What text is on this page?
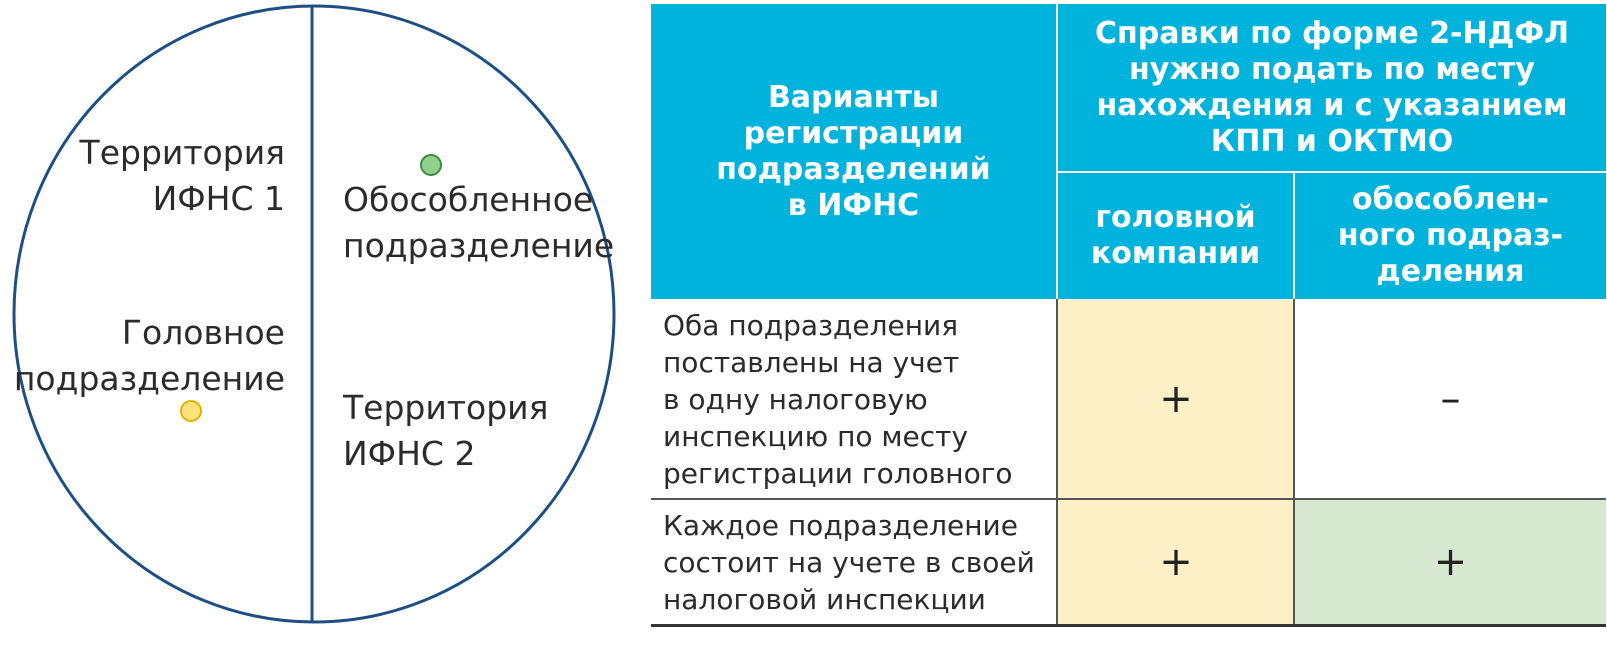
Территория
ИФНС 1 Обособленное
подразделение
Головное
подразделение
Территория
ИФНС 2
Варианты
регистрации
подразделений
в ИФНС
Справки по форме 2-НДФЛ
нужно подать по месту
нахождения и с указанием
КПП и ОКТМО
головной
компании
обособлен-
ного подраз-
деления
Оба подразделения
поставлены на учет
в одну налоговую
инспекцию по месту
регистрации головного
+	–
Каждое подразделение
состоит на учете в своей
налоговой инспекции
+	+
